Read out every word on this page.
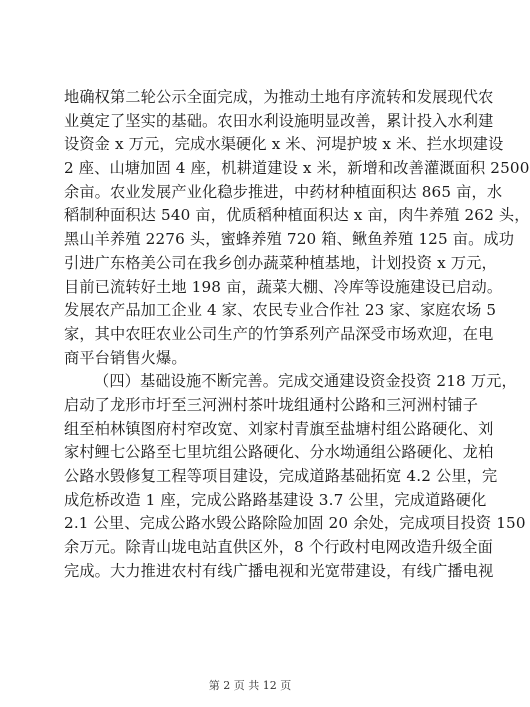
地确权第二轮公示全面完成，为推动土地有序流转和发展现代农
业奠定了坚实的基础。农田水利设施明显改善，累计投入水利建
设资金 x 万元，完成水渠硬化 x 米、河堤护坡 x 米、拦水坝建设
2 座、山塘加固 4 座，机耕道建设 x 米，新增和改善灌溉面积 2500
余亩。农业发展产业化稳步推进，中药材种植面积达 865 亩，水
稻制种面积达 540 亩，优质稻种植面积达 x 亩，肉牛养殖 262 头，
黑山羊养殖 2276 头，蜜蜂养殖 720 箱、鳅鱼养殖 125 亩。成功
引进广东格美公司在我乡创办蔬菜种植基地，计划投资 x 万元，
目前已流转好土地 198 亩，蔬菜大棚、冷库等设施建设已启动。
发展农产品加工企业 4 家、农民专业合作社 23 家、家庭农场 5
家，其中农旺农业公司生产的竹笋系列产品深受市场欢迎，在电
商平台销售火爆。
（四）基础设施不断完善。完成交通建设资金投资 218 万元，
启动了龙形市圩至三河洲村茶叶垅组通村公路和三河洲村铺子
组至柏林镇图府村窄改宽、刘家村青旗至盐塘村组公路硬化、刘
家村鲤七公路至七里坑组公路硬化、分水坳通组公路硬化、龙柏
公路水毁修复工程等项目建设，完成道路基础拓宽 4.2 公里，完
成危桥改造 1 座，完成公路路基建设 3.7 公里，完成道路硬化
2.1 公里、完成公路水毁公路除险加固 20 余处，完成项目投资 150
余万元。除青山垅电站直供区外，8 个行政村电网改造升级全面
完成。大力推进农村有线广播电视和光宽带建设，有线广播电视
第 2 页 共 12 页
